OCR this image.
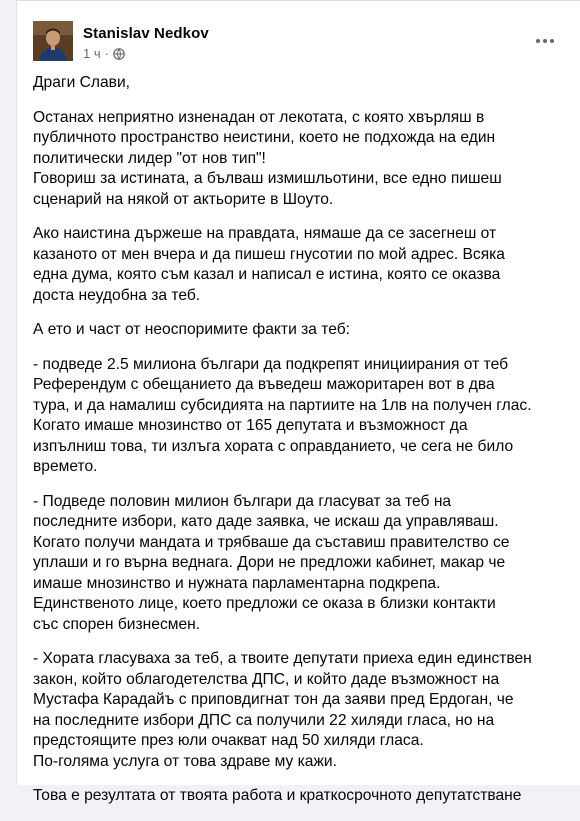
Stanislav Nedkov
1 ч ·

Драги Слави,

Останах неприятно изненадан от лекотата, с която хвърляш в
публичното пространство неистини, което не подхожда на един
политически лидер "от нов тип"!
Говориш за истината, а бълваш измишльотини, все едно пишеш
сценарий на някой от актьорите в Шоуто.

Ако наистина държеше на правдата, нямаше да се засегнеш от
казаното от мен вчера и да пишеш гнусотии по мой адрес. Всяка
една дума, която съм казал и написал е истина, която се оказва
доста неудобна за теб.

А ето и част от неоспоримите факти за теб:

- подведе 2.5 милиона българи да подкрепят инициирания от теб
Референдум с обещанието да въведеш мажоритарен вот в два
тура, и да намалиш субсидията на партиите на 1лв на получен глас.
Когато имаше мнозинство от 165 депутата и възможност да
изпълниш това, ти излъга хората с оправданието, че сега не било
времето.

- Подведе половин милион българи да гласуват за теб на
последните избори, като даде заявка, че искаш да управляваш.
Когато получи мандата и трябваше да съставиш правителство се
уплаши и го върна веднага. Дори не предложи кабинет, макар че
имаше мнозинство и нужната парламентарна подкрепа.
Единственото лице, което предложи се оказа в близки контакти
със спорен бизнесмен.

- Хората гласуваха за теб, а твоите депутати приеха един единствен
закон, който облагодетелства ДПС, и който даде възможност на
Мустафа Карадайъ с приповдигнат тон да заяви пред Ердоган, че
на последните избори ДПС са получили 22 хиляди гласа, но на
предстоящите през юли очакват над 50 хиляди гласа.
По-голяма услуга от това здраве му кажи.

Това е резултата от твоята работа и краткосрочното депутатстване
